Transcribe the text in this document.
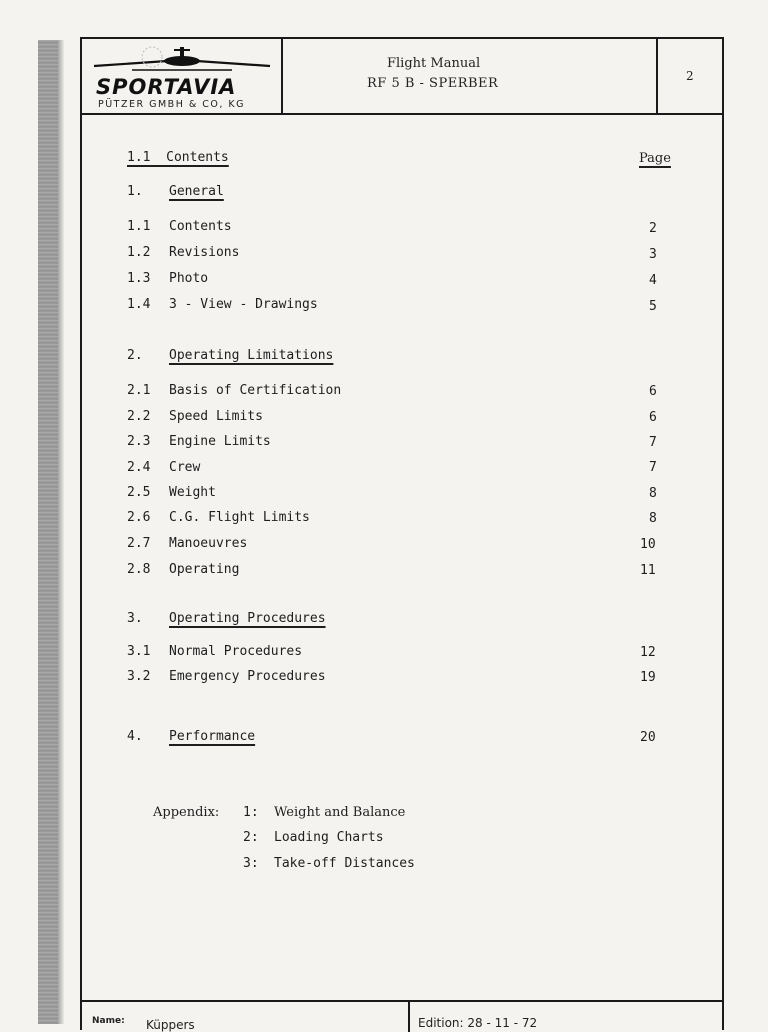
SPORTAVIA
PÜTZER GMBH & CO, KG
Flight Manual
RF 5 B - SPERBER	2
1.1  Contents	Page
1. General
1.1 Contents	2
1.2 Revisions	3
1.3 Photo	4
1.4 3 - View - Drawings	5
2. Operating Limitations
2.1 Basis of Certification	6
2.2 Speed Limits	6
2.3 Engine Limits	7
2.4 Crew	7
2.5 Weight	8
2.6 C.G. Flight Limits	8
2.7 Manoeuvres	10
2.8 Operating	11
3. Operating Procedures
3.1 Normal Procedures	12
3.2 Emergency Procedures	19
4. Performance	20
Appendix: 1: Weight and Balance
2: Loading Charts
3: Take-off Distances
Name: Küppers	Edition: 28 - 11 - 72
